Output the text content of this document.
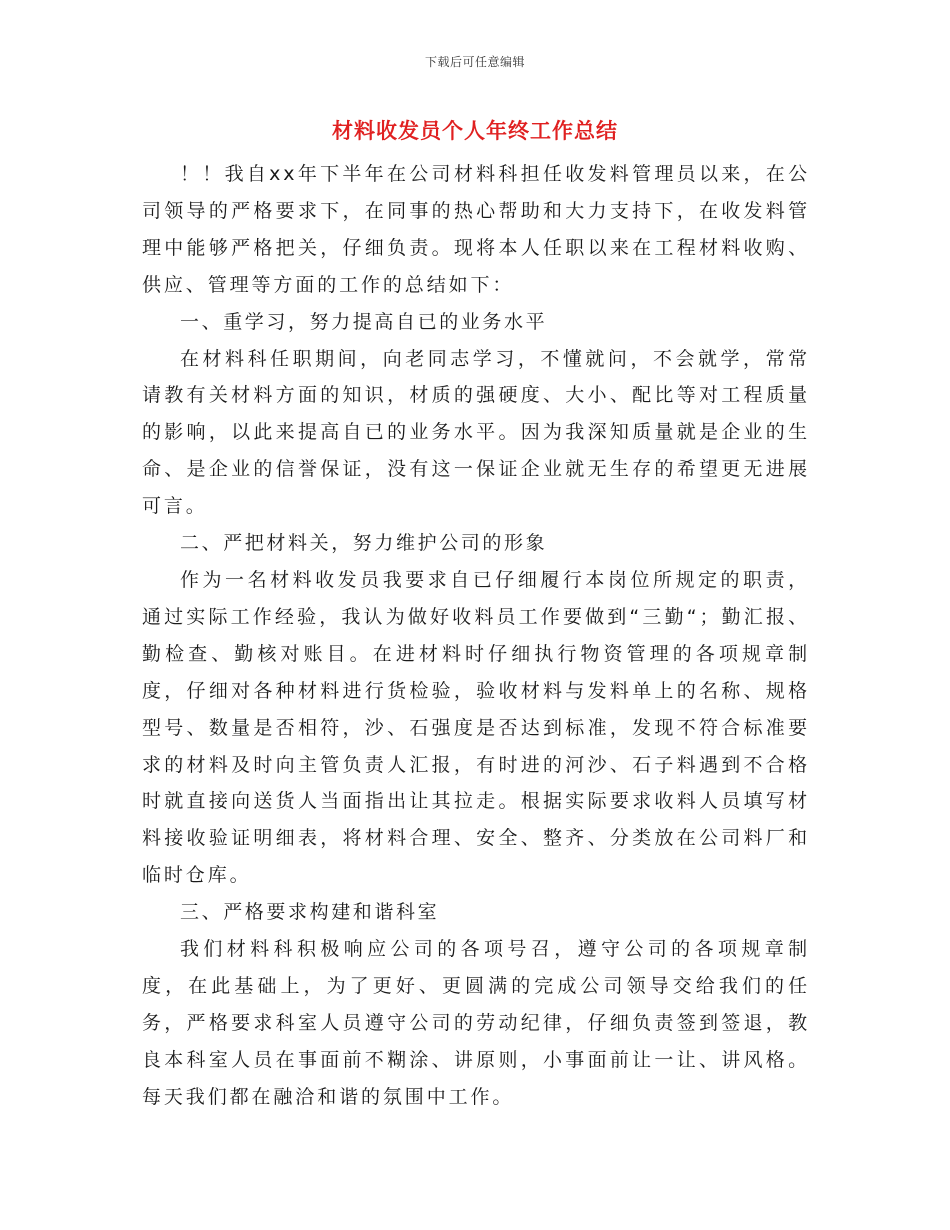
下载后可任意编辑
材料收发员个人年终工作总结

！！我自xx年下半年在公司材料科担任收发料管理员以来，在公司领导的严格要求下，在同事的热心帮助和大力支持下，在收发料管理中能够严格把关，仔细负责。现将本人任职以来在工程材料收购、供应、管理等方面的工作的总结如下：

一、重学习，努力提高自已的业务水平

在材料科任职期间，向老同志学习，不懂就问，不会就学，常常请教有关材料方面的知识，材质的强硬度、大小、配比等对工程质量的影响，以此来提高自已的业务水平。因为我深知质量就是企业的生命、是企业的信誉保证，没有这一保证企业就无生存的希望更无进展可言。

二、严把材料关，努力维护公司的形象

作为一名材料收发员我要求自已仔细履行本岗位所规定的职责，通过实际工作经验，我认为做好收料员工作要做到“三勤“；勤汇报、勤检查、勤核对账目。在进材料时仔细执行物资管理的各项规章制度，仔细对各种材料进行货检验，验收材料与发料单上的名称、规格型号、数量是否相符，沙、石强度是否达到标准，发现不符合标准要求的材料及时向主管负责人汇报，有时进的河沙、石子料遇到不合格时就直接向送货人当面指出让其拉走。根据实际要求收料人员填写材料接收验证明细表，将材料合理、安全、整齐、分类放在公司料厂和临时仓库。

三、严格要求构建和谐科室

我们材料科积极响应公司的各项号召，遵守公司的各项规章制度，在此基础上，为了更好、更圆满的完成公司领导交给我们的任务，严格要求科室人员遵守公司的劳动纪律，仔细负责签到签退，教良本科室人员在事面前不糊涂、讲原则，小事面前让一让、讲风格。每天我们都在融洽和谐的氛围中工作。
